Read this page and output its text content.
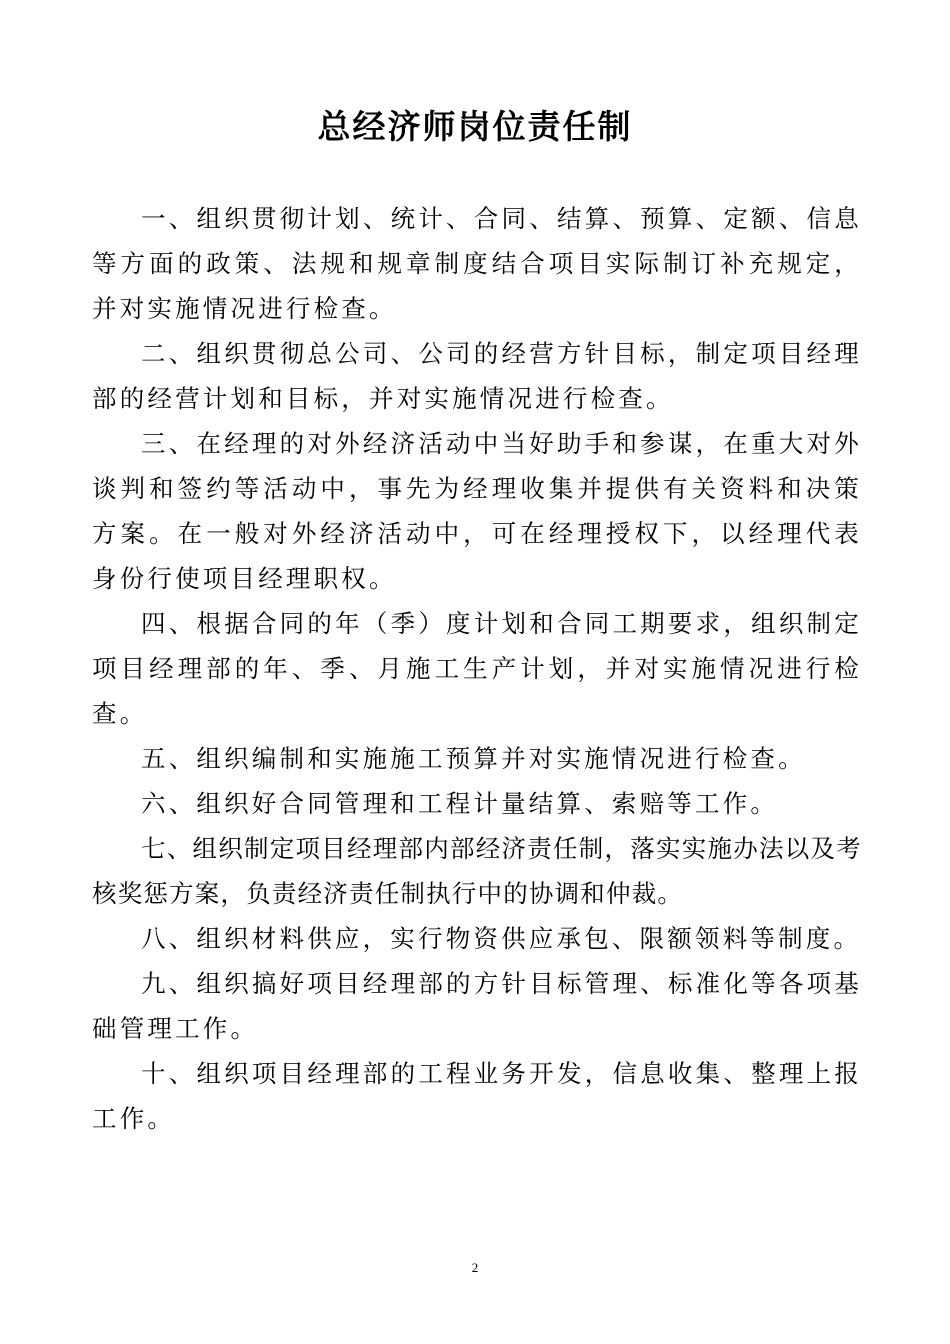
总经济师岗位责任制

一、组织贯彻计划、统计、合同、结算、预算、定额、信息等方面的政策、法规和规章制度结合项目实际制订补充规定，并对实施情况进行检查。

二、组织贯彻总公司、公司的经营方针目标，制定项目经理部的经营计划和目标，并对实施情况进行检查。

三、在经理的对外经济活动中当好助手和参谋，在重大对外谈判和签约等活动中，事先为经理收集并提供有关资料和决策方案。在一般对外经济活动中，可在经理授权下，以经理代表身份行使项目经理职权。

四、根据合同的年（季）度计划和合同工期要求，组织制定项目经理部的年、季、月施工生产计划，并对实施情况进行检查。

五、组织编制和实施施工预算并对实施情况进行检查。

六、组织好合同管理和工程计量结算、索赔等工作。

七、组织制定项目经理部内部经济责任制，落实实施办法以及考核奖惩方案，负责经济责任制执行中的协调和仲裁。

八、组织材料供应，实行物资供应承包、限额领料等制度。

九、组织搞好项目经理部的方针目标管理、标准化等各项基础管理工作。

十、组织项目经理部的工程业务开发，信息收集、整理上报工作。

2
